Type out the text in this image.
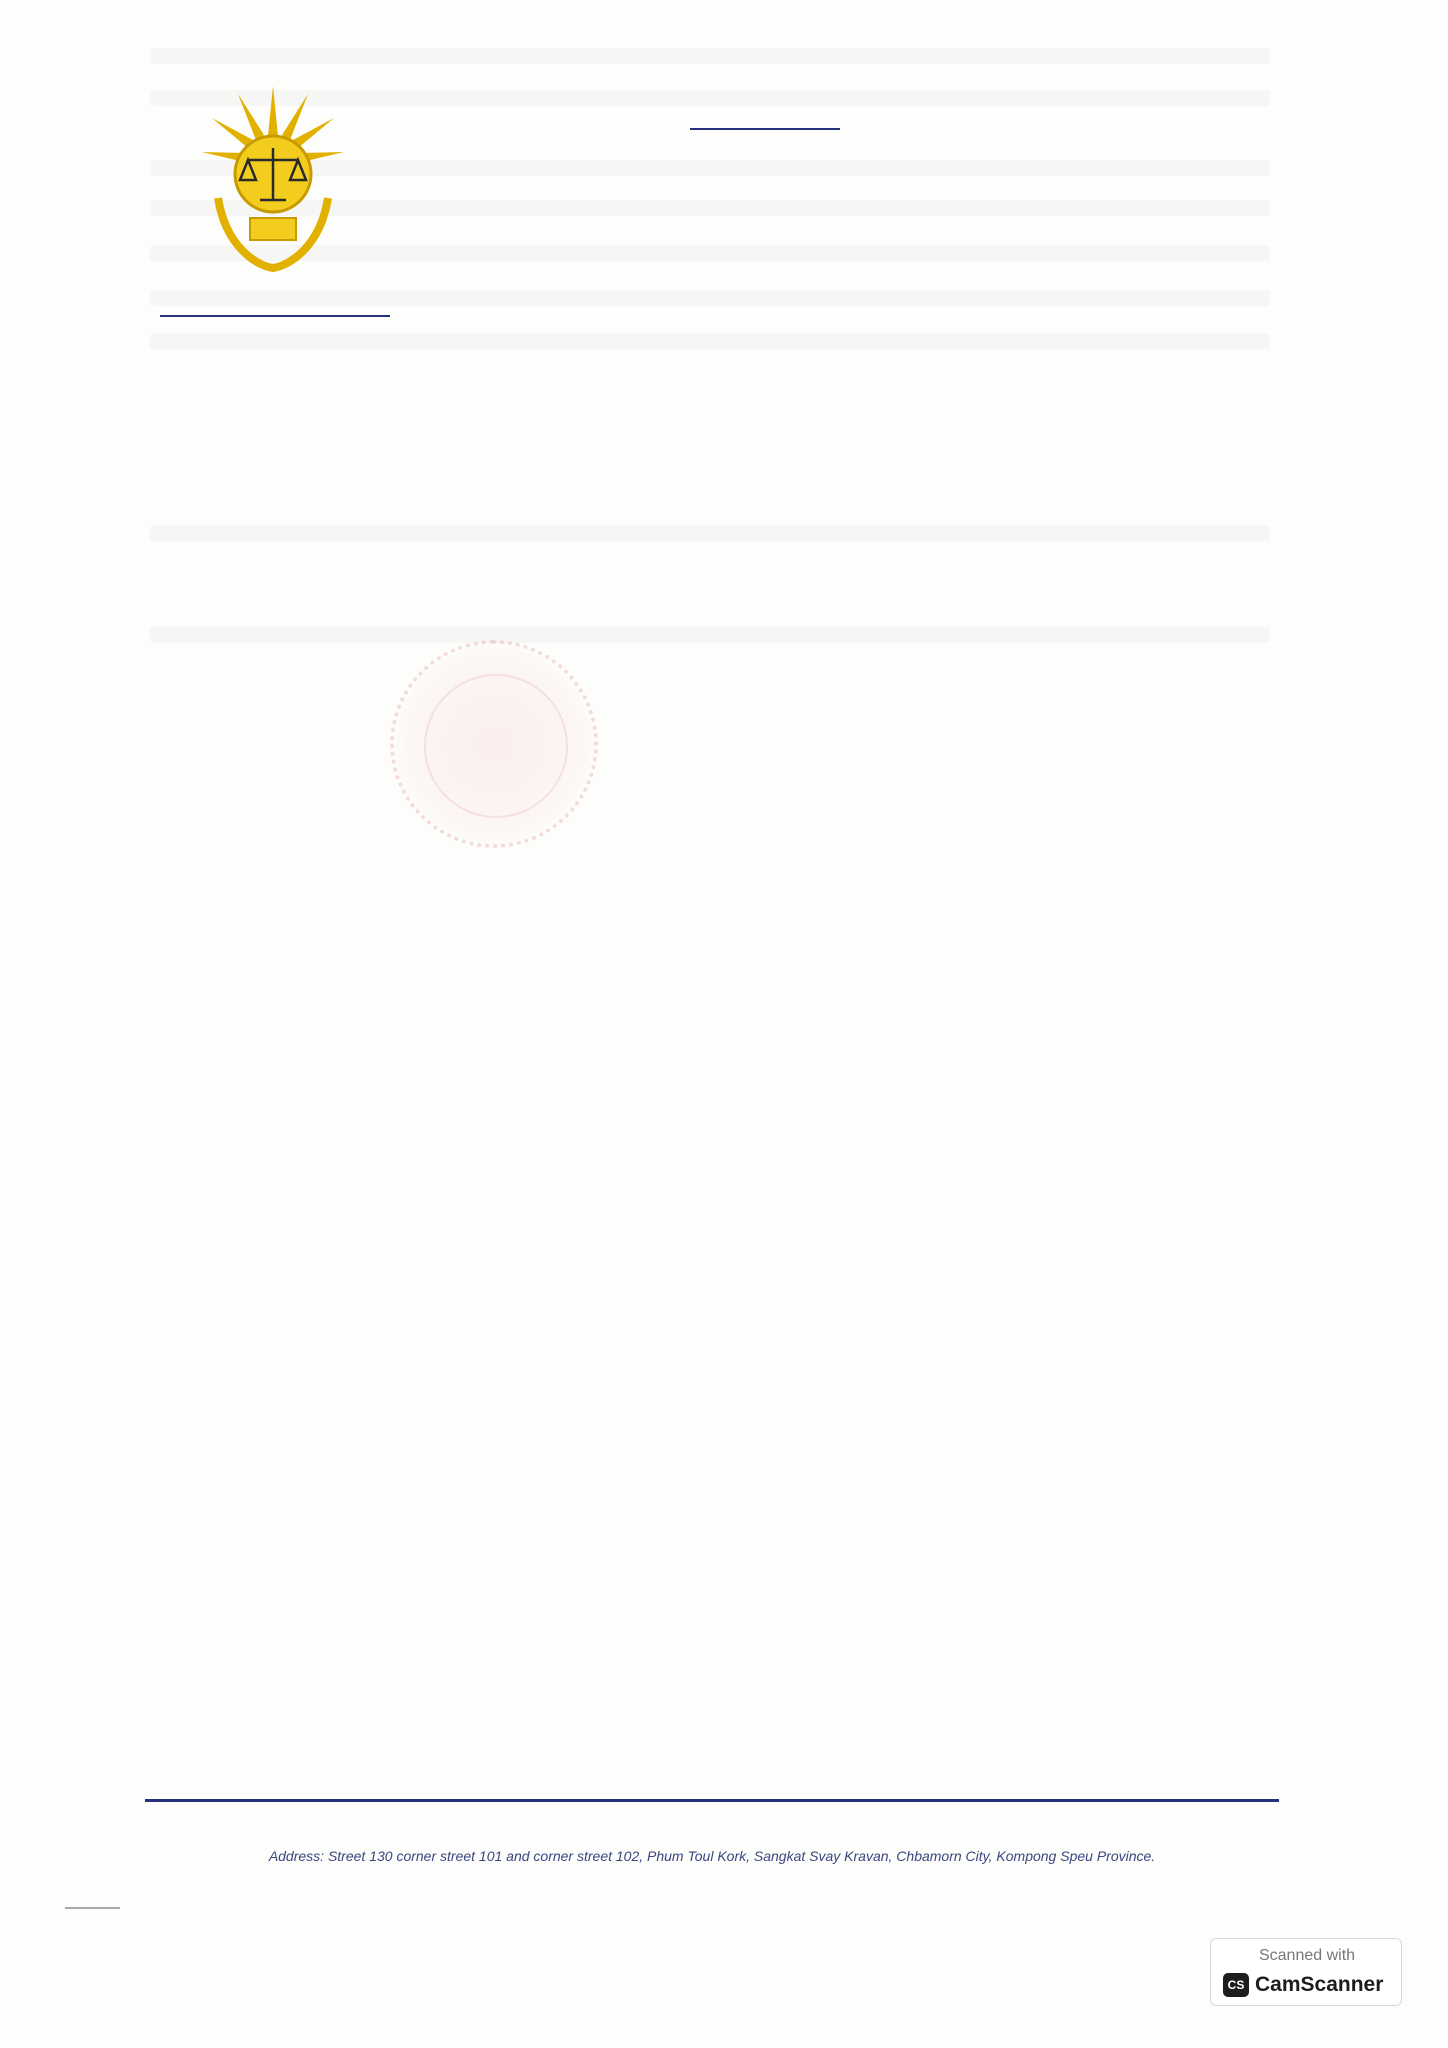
Address: Street 130 corner street 101 and corner street 102, Phum Toul Kork, Sangkat Svay Kravan, Chbamorn City, Kompong Speu Province.
Scanned with
CS CamScanner
